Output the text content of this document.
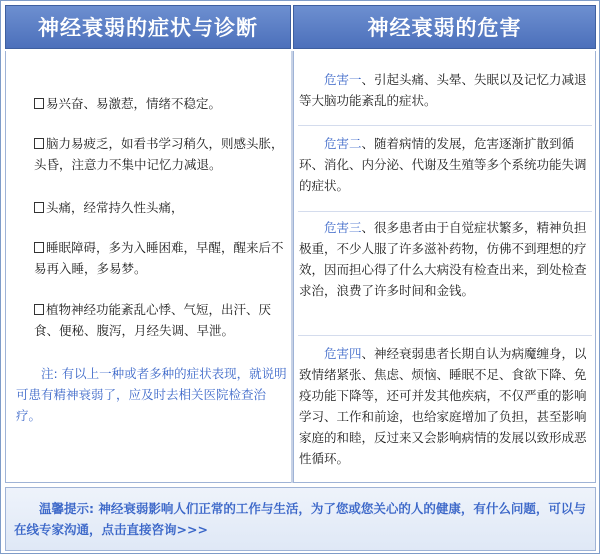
神经衰弱的症状与诊断	神经衰弱的危害
易兴奋、易激惹，情绪不稳定。
脑力易疲乏，如看书学习稍久，则感头胀，头昏，注意力不集中记忆力减退。
头痛，经常持久性头痛，
睡眠障碍，多为入睡困难，早醒，醒来后不易再入睡，多易梦。
植物神经功能紊乱心悸、气短，出汗、厌食、便秘、腹泻，月经失调、早泄。
注: 有以上一种或者多种的症状表现，就说明可患有精神衰弱了，应及时去相关医院检查治疗。
危害一、引起头痛、头晕、失眠以及记忆力减退等大脑功能紊乱的症状。
危害二、随着病情的发展，危害逐渐扩散到循环、消化、内分泌、代谢及生殖等多个系统功能失调的症状。
危害三、很多患者由于自觉症状繁多，精神负担极重，不少人服了许多滋补药物，仿佛不到理想的疗效，因而担心得了什么大病没有检查出来，到处检查求治，浪费了许多时间和金钱。
危害四、神经衰弱患者长期自认为病魔缠身，以致情绪紧张、焦虑、烦恼、睡眠不足、食欲下降、免疫功能下降等，还可并发其他疾病，不仅严重的影响学习、工作和前途，也给家庭增加了负担，甚至影响家庭的和睦，反过来又会影响病情的发展以致形成恶性循环。
温馨提示: 神经衰弱影响人们正常的工作与生活，为了您或您关心的人的健康，有什么问题，可以与在线专家沟通，点击直接咨询>>>
